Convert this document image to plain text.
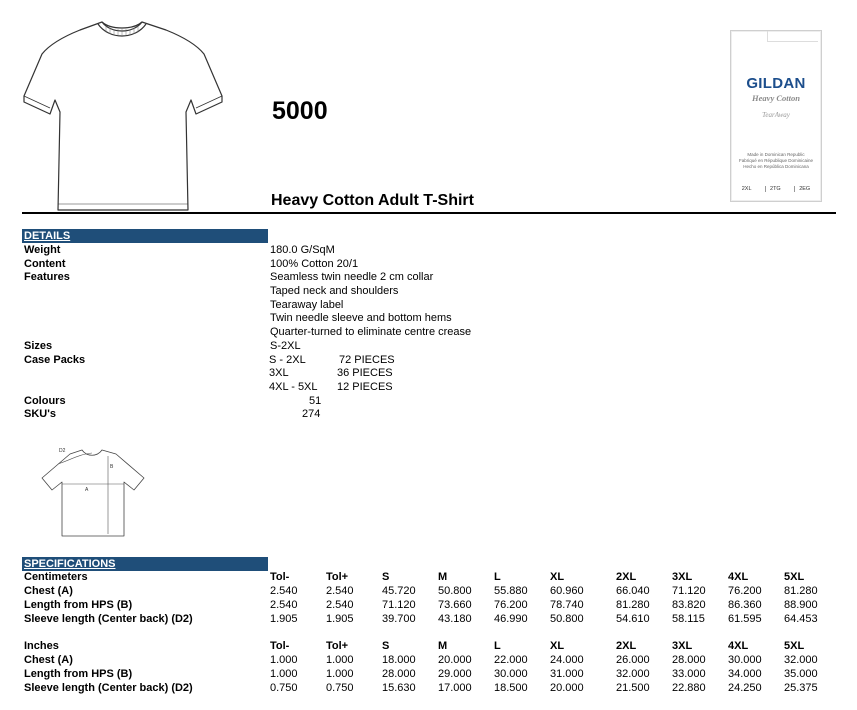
5000
Heavy Cotton Adult T-Shirt
GILDAN
Heavy Cotton
TearAway
Made in Dominican Republic
Fabriqué en République Dominicaine
Hecho en República Dominicana
2XL	2TG	2EG
DETAILS
Weight	180.0 G/SqM
Content	100% Cotton 20/1
Features	Seamless twin needle 2 cm collar
Taped neck and shoulders
Tearaway label
Twin needle sleeve and bottom hems
Quarter-turned to eliminate centre crease
Sizes	S-2XL
Case Packs	S - 2XL	72 PIECES
3XL	36 PIECES
4XL - 5XL 12 PIECES
Colours	51
SKU's	274
D2
B
A
SPECIFICATIONS
Centimeters	Tol-	Tol+	S	M	L	XL	2XL	3XL	4XL	5XL
Chest (A)	2.540	2.540	45.720 50.800 55.880 60.960	66.040 71.120 76.200 81.280
Length from HPS (B)	2.540	2.540	71.120 73.660 76.200 78.740	81.280 83.820 86.360 88.900
Sleeve length (Center back) (D2)	1.905	1.905	39.700 43.180 46.990 50.800	54.610 58.115 61.595 64.453
Inches	Tol-	Tol+	S	M	L	XL	2XL	3XL	4XL	5XL
Chest (A)	1.000	1.000	18.000 20.000 22.000 24.000	26.000 28.000 30.000 32.000
Length from HPS (B)	1.000	1.000	28.000 29.000 30.000 31.000	32.000 33.000 34.000 35.000
Sleeve length (Center back) (D2)	0.750	0.750	15.630 17.000 18.500 20.000	21.500 22.880 24.250 25.375
